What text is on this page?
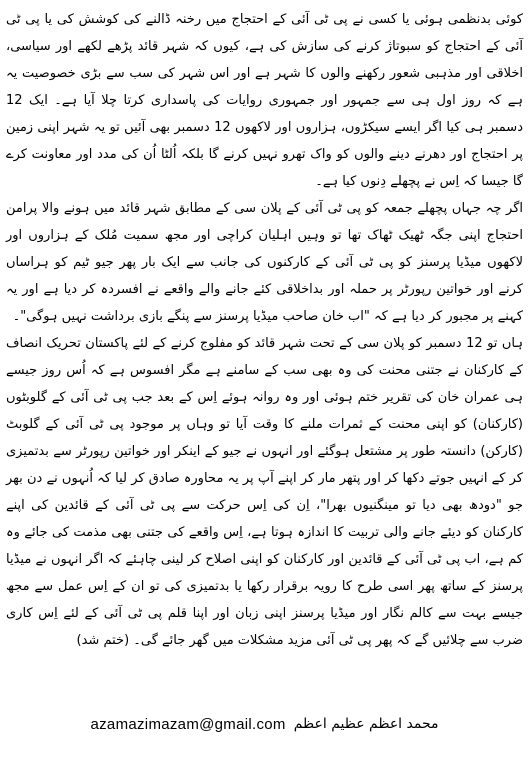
کوئی بدنظمی ہوئی یا کسی نے پی ٹی آئی کے احتجاج میں رخنہ ڈالنے کی کوشش کی یا پی ٹی آئی کے احتجاج کو سبوتاژ کرنے کی سازش کی ہے، کیوں کہ شہر قائد پڑھے لکھے اور سیاسی، اخلاقی اور مذہبی شعور رکھنے والوں کا شہر ہے اور اس شہر کی سب سے بڑی خصوصیت یہ ہے کہ روز اول ہی سے جمہور اور جمہوری روایات کی پاسداری کرتا چلا آیا ہے۔ ایک 12 دسمبر ہی کیا اگر ایسے سیکڑوں، ہزاروں اور لاکھوں 12 دسمبر بھی آئیں تو یہ شہر اپنی زمین پر احتجاج اور دھرنے دینے والوں کو واک تھرو نہیں کرنے گا بلکہ اُلٹا اُن کی مدد اور معاونت کرے گا جیسا کہ اِس نے پچھلے دِنوں کیا ہے۔

اگر چہ جہاں پچھلے جمعہ کو پی ٹی آئی کے پلان سی کے مطابق شہر قائد میں ہونے والا پرامن احتجاج اپنی جگہ ٹھیک ٹھاک تھا تو وہیں اہلیان کراچی اور مجھ سمیت مُلک کے ہزاروں اور لاکھوں میڈیا پرسنز کو پی ٹی آئی کے کارکنوں کی جانب سے ایک بار پھر جیو ٹیم کو ہراساں کرنے اور خواتین رپورٹر پر حملہ اور بداخلاقی کئے جانے والے واقعے نے افسردہ کر دیا ہے اور یہ کہنے پر مجبور کر دیا ہے کہ "اب خان صاحب میڈیا پرسنز سے پنگے بازی برداشت نہیں ہوگی"۔

ہاں تو 12 دسمبر کو پلان سی کے تحت شہر قائد کو مفلوج کرنے کے لئے پاکستان تحریک انصاف کے کارکنان نے جتنی محنت کی وہ بھی سب کے سامنے ہے مگر افسوس ہے کہ اُس روز جیسے ہی عمران خان کی تقریر ختم ہوئی اور وہ روانہ ہوئے اِس کے بعد جب پی ٹی آئی کے گلوبٹوں (کارکنان) کو اپنی محنت کے ثمرات ملنے کا وقت آیا تو وہاں پر موجود پی ٹی آئی کے گلوبٹ (کارکن) دانستہ طور پر مشتعل ہوگئے اور انہوں نے جیو کے اینکر اور خواتین رپورٹر سے بدتمیزی کر کے انہیں جوتے دکھا کر اور پتھر مار کر اپنے آپ پر یہ محاورہ صادق کر لیا کہ اُنہوں نے دن بھر جو "دودھ بھی دیا تو مینگنیوں بھرا"، اِن کی اِس حرکت سے پی ٹی آئی کے قائدین کی اپنے کارکنان کو دیئے جانے والی تربیت کا اندازہ ہوتا ہے، اِس واقعے کی جتنی بھی مذمت کی جائے وہ کم ہے، اب پی ٹی آئی کے قائدین اور کارکنان کو اپنی اصلاح کر لینی چاہئے کہ اگر انہوں نے میڈیا پرسنز کے ساتھ پھر اسی طرح کا رویہ برقرار رکھا یا بدتمیزی کی تو ان کے اِس عمل سے مجھ جیسے بہت سے کالم نگار اور میڈیا پرسنز اپنی زبان اور اپنا قلم پی ٹی آئی کے لئے اِس کاری ضرب سے چلائیں گے کہ پھر پی ٹی آئی مزید مشکلات میں گھر جائے گی۔ (ختم شد)

azamazimazam@gmail.com محمد اعظم عظیم اعظم
